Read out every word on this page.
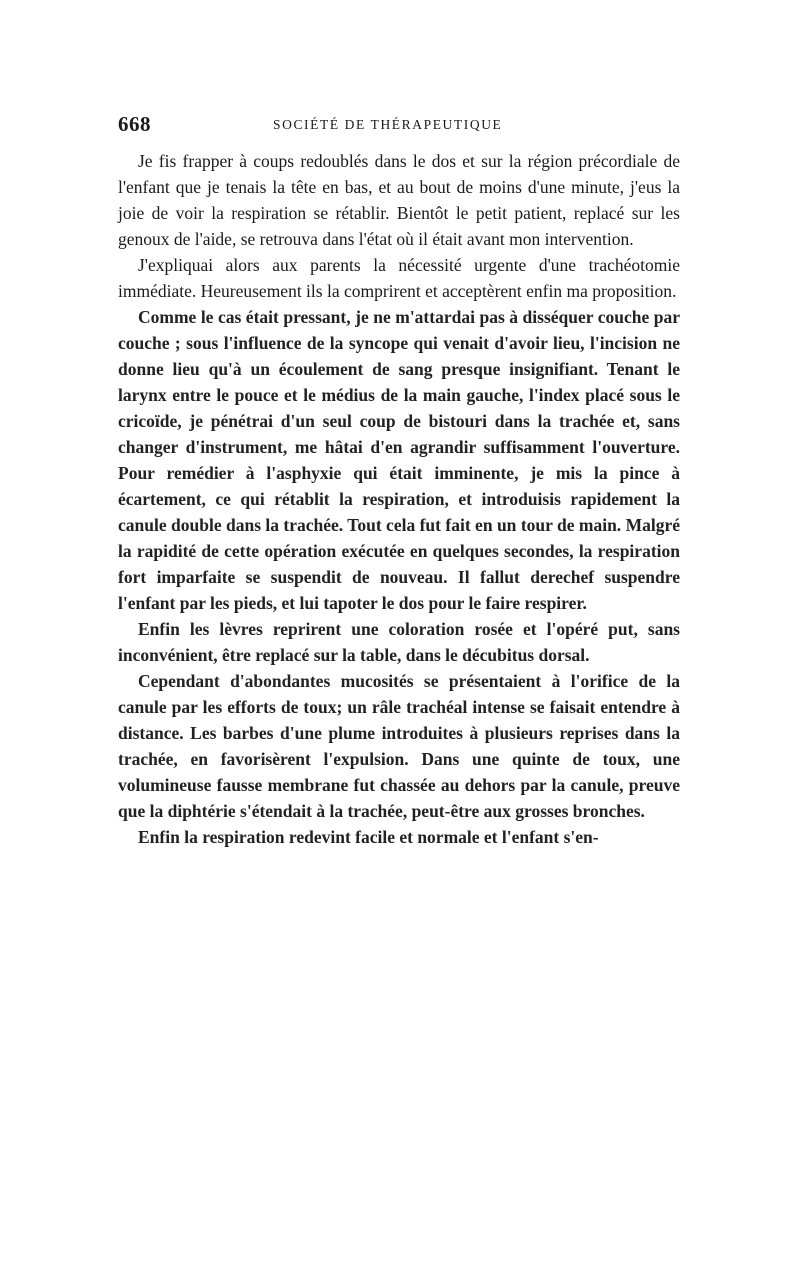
668	SOCIÉTÉ DE THÉRAPEUTIQUE

Je fis frapper à coups redoublés dans le dos et sur la région précordiale de l'enfant que je tenais la tête en bas, et au bout de moins d'une minute, j'eus la joie de voir la respiration se rétablir. Bientôt le petit patient, replacé sur les genoux de l'aide, se retrouva dans l'état où il était avant mon intervention.

J'expliquai alors aux parents la nécessité urgente d'une trachéotomie immédiate. Heureusement ils la comprirent et acceptèrent enfin ma proposition.

Comme le cas était pressant, je ne m'attardai pas à disséquer couche par couche ; sous l'influence de la syncope qui venait d'avoir lieu, l'incision ne donne lieu qu'à un écoulement de sang presque insignifiant. Tenant le larynx entre le pouce et le médius de la main gauche, l'index placé sous le cricoïde, je pénétrai d'un seul coup de bistouri dans la trachée et, sans changer d'instrument, me hâtai d'en agrandir suffisamment l'ouverture. Pour remédier à l'asphyxie qui était imminente, je mis la pince à écartement, ce qui rétablit la respiration, et introduisis rapidement la canule double dans la trachée. Tout cela fut fait en un tour de main. Malgré la rapidité de cette opération exécutée en quelques secondes, la respiration fort imparfaite se suspendit de nouveau. Il fallut derechef suspendre l'enfant par les pieds, et lui tapoter le dos pour le faire respirer.

Enfin les lèvres reprirent une coloration rosée et l'opéré put, sans inconvénient, être replacé sur la table, dans le décubitus dorsal.

Cependant d'abondantes mucosités se présentaient à l'orifice de la canule par les efforts de toux; un râle trachéal intense se faisait entendre à distance. Les barbes d'une plume introduites à plusieurs reprises dans la trachée, en favorisèrent l'expulsion. Dans une quinte de toux, une volumineuse fausse membrane fut chassée au dehors par la canule, preuve que la diphtérie s'étendait à la trachée, peut-être aux grosses bronches.

Enfin la respiration redevint facile et normale et l'enfant s'en-
